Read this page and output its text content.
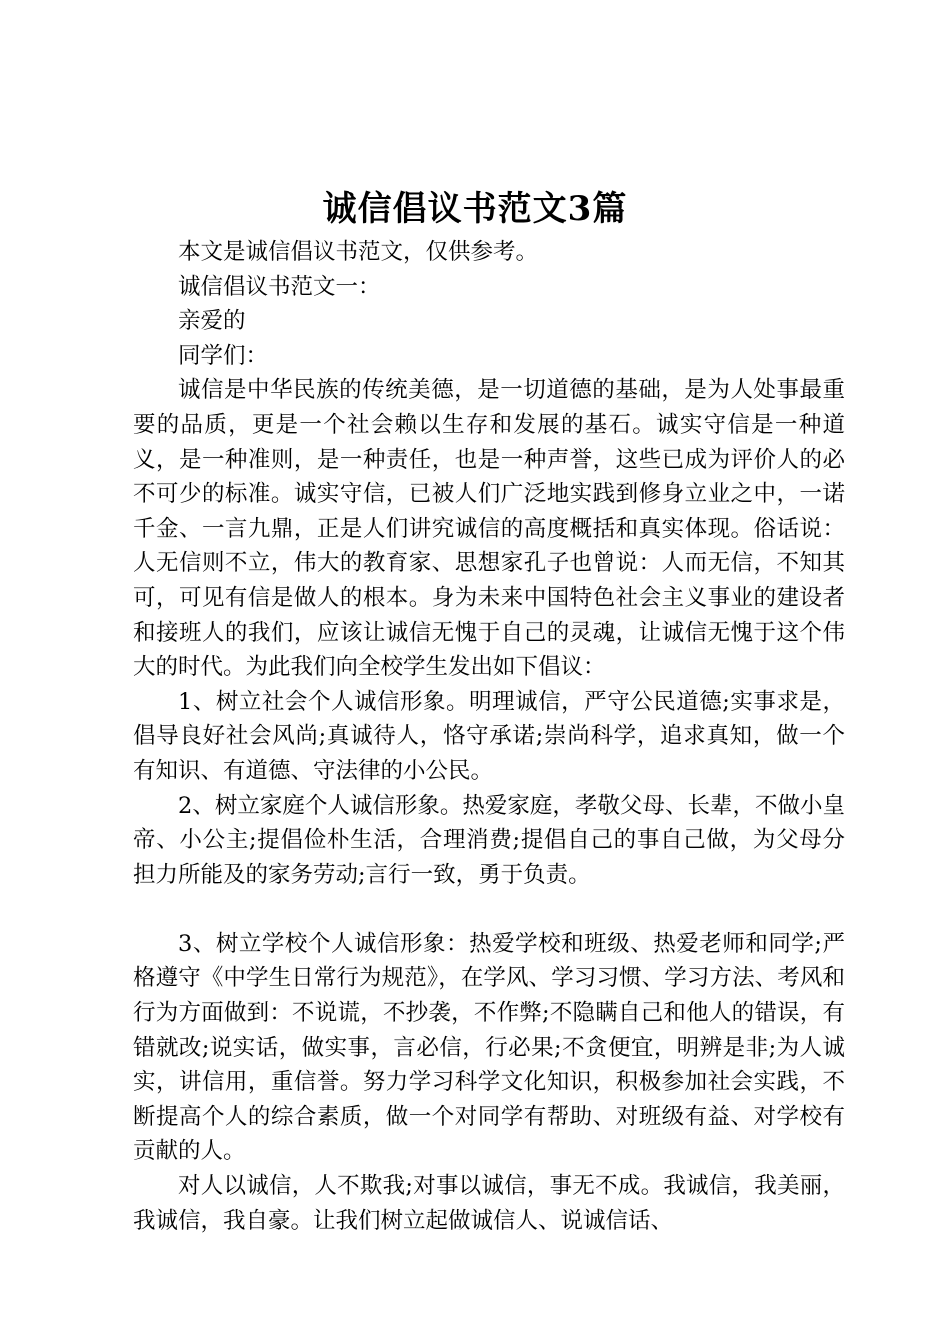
诚信倡议书范文3篇

本文是诚信倡议书范文，仅供参考。

诚信倡议书范文一：

亲爱的

同学们：

诚信是中华民族的传统美德，是一切道德的基础，是为人处事最重要的品质，更是一个社会赖以生存和发展的基石。诚实守信是一种道义，是一种准则，是一种责任，也是一种声誉，这些已成为评价人的必不可少的标准。诚实守信，已被人们广泛地实践到修身立业之中，一诺千金、一言九鼎，正是人们讲究诚信的高度概括和真实体现。俗话说：人无信则不立，伟大的教育家、思想家孔子也曾说：人而无信，不知其可，可见有信是做人的根本。身为未来中国特色社会主义事业的建设者和接班人的我们，应该让诚信无愧于自己的灵魂，让诚信无愧于这个伟大的时代。为此我们向全校学生发出如下倡议：

1、树立社会个人诚信形象。明理诚信，严守公民道德;实事求是，倡导良好社会风尚;真诚待人，恪守承诺;崇尚科学，追求真知，做一个有知识、有道德、守法律的小公民。

2、树立家庭个人诚信形象。热爱家庭，孝敬父母、长辈，不做小皇帝、小公主;提倡俭朴生活，合理消费;提倡自己的事自己做，为父母分担力所能及的家务劳动;言行一致，勇于负责。

3、树立学校个人诚信形象：热爱学校和班级、热爱老师和同学;严格遵守《中学生日常行为规范》，在学风、学习习惯、学习方法、考风和行为方面做到：不说谎，不抄袭，不作弊;不隐瞒自己和他人的错误，有错就改;说实话，做实事，言必信，行必果;不贪便宜，明辨是非;为人诚实，讲信用，重信誉。努力学习科学文化知识，积极参加社会实践，不断提高个人的综合素质，做一个对同学有帮助、对班级有益、对学校有贡献的人。

对人以诚信，人不欺我;对事以诚信，事无不成。我诚信，我美丽，我诚信，我自豪。让我们树立起做诚信人、说诚信话、
